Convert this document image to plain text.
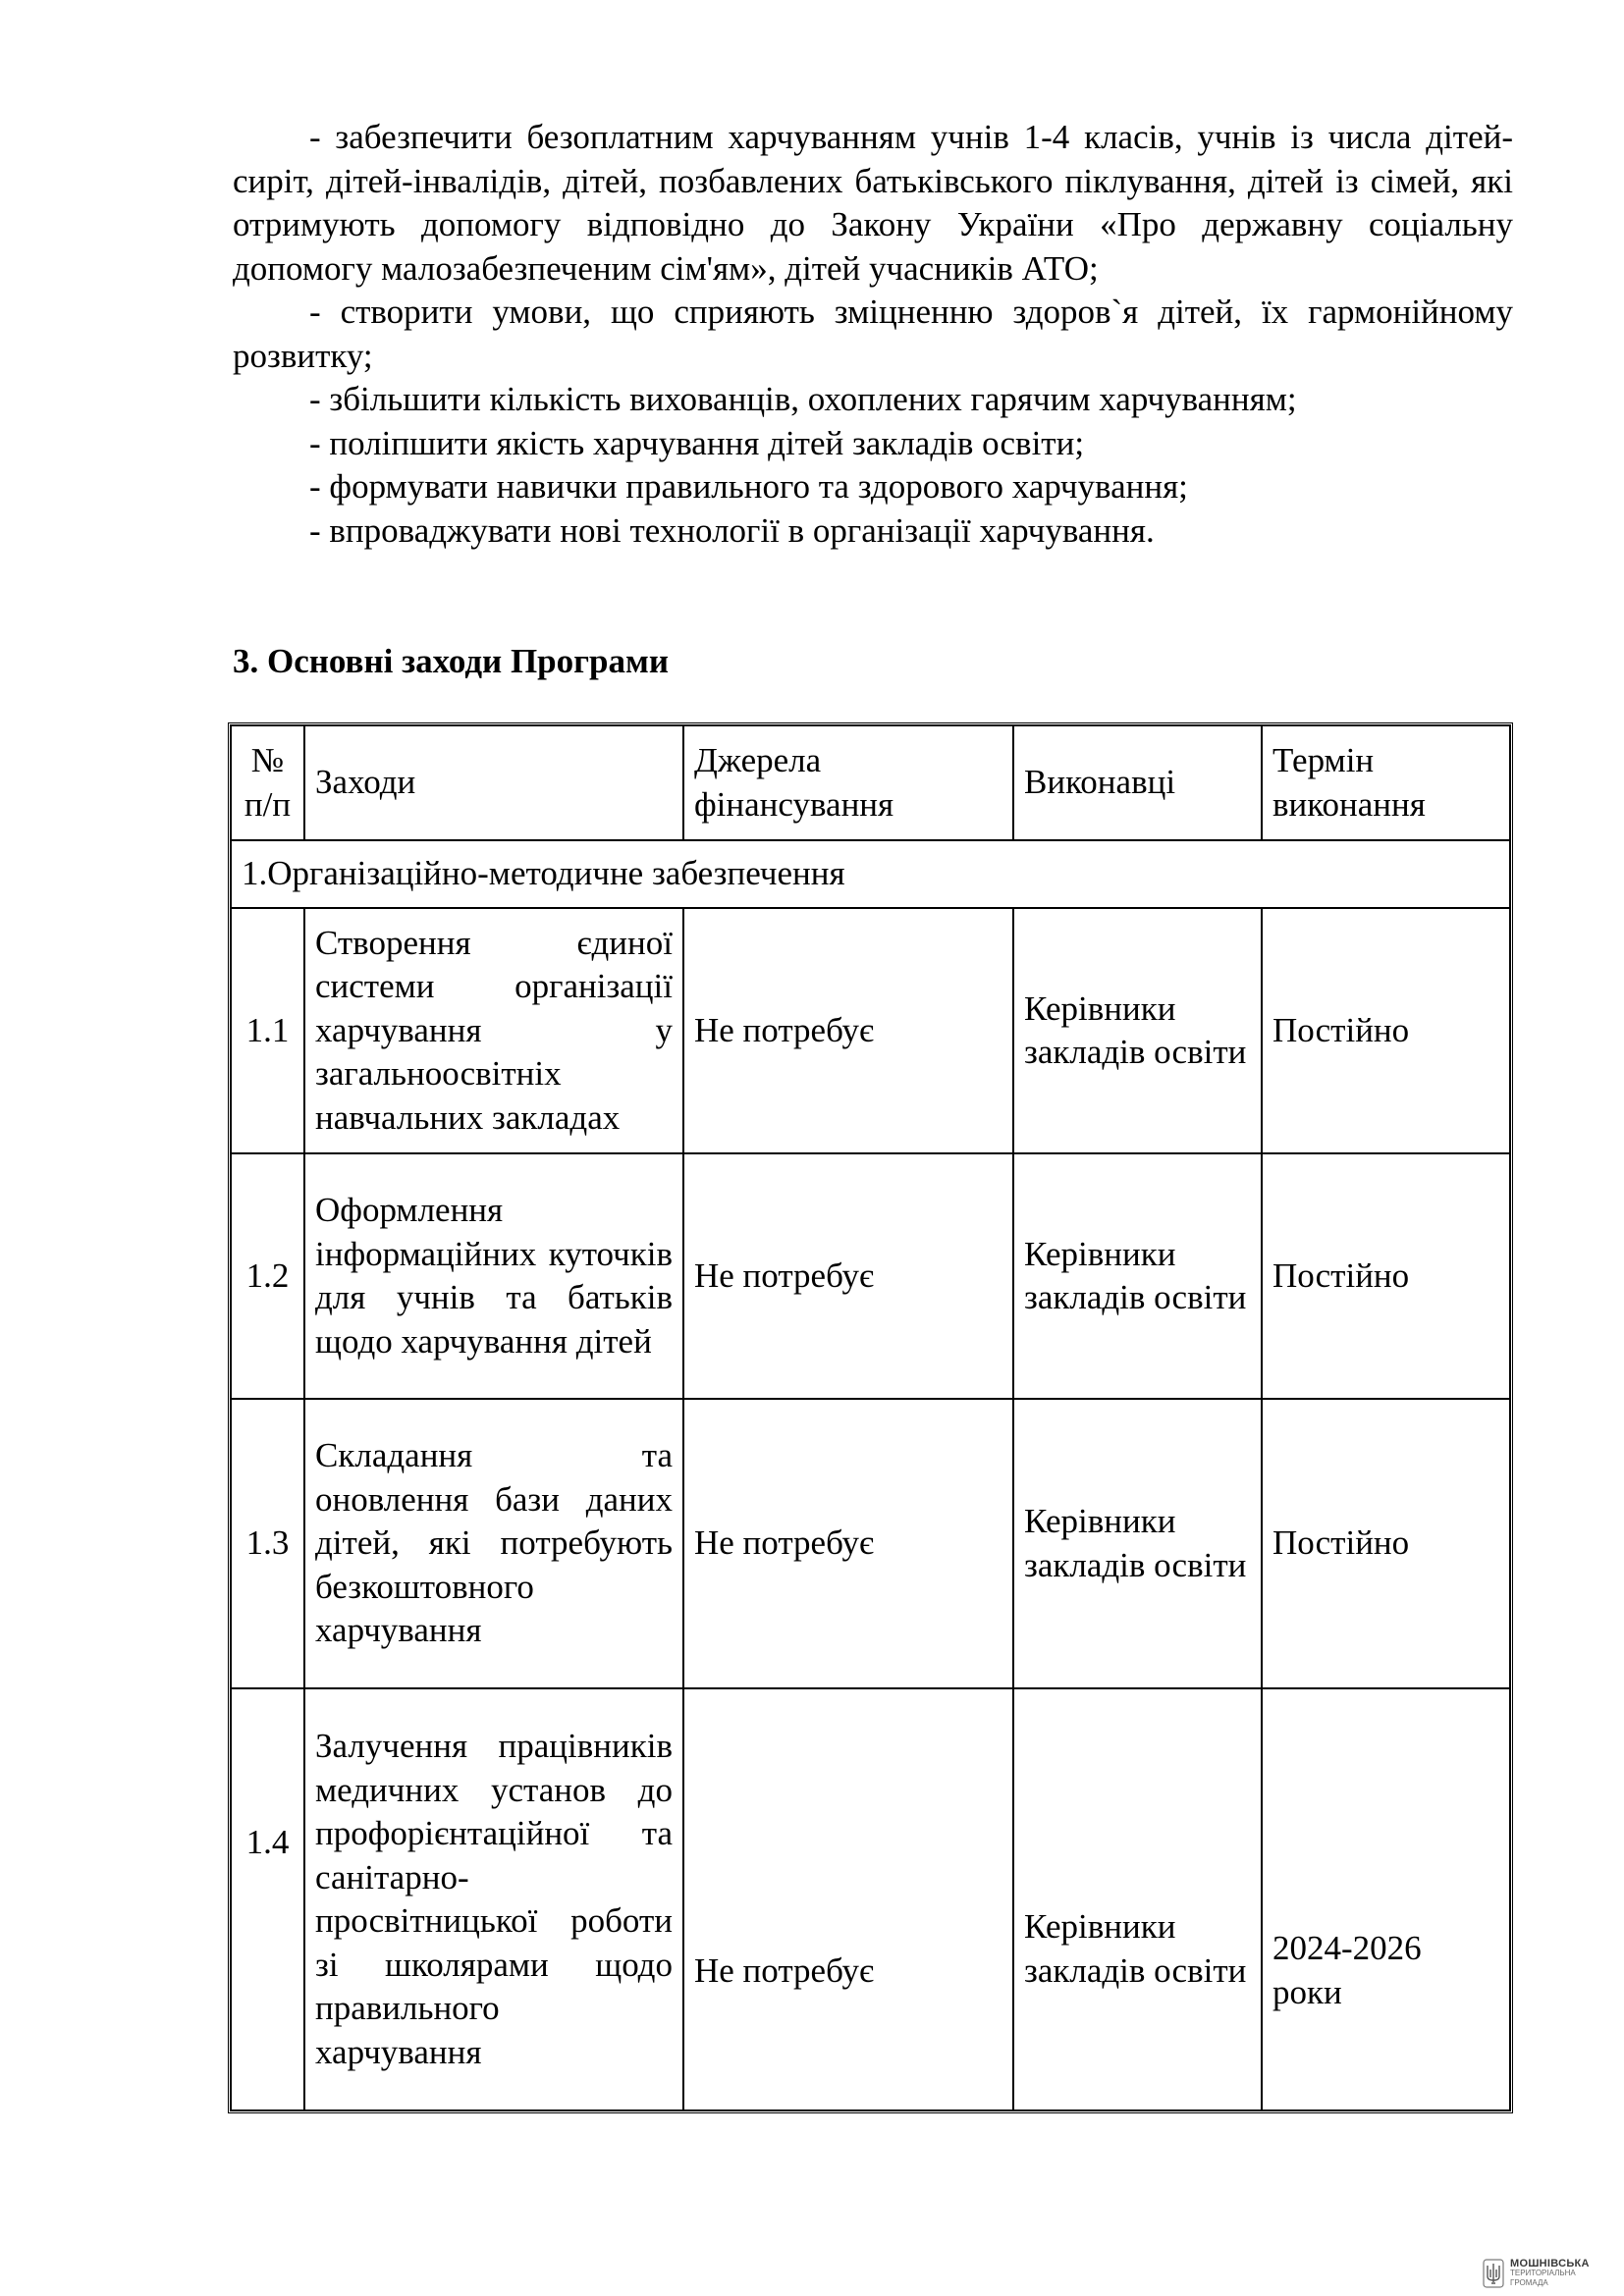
- забезпечити безоплатним харчуванням учнів 1-4 класів, учнів із числа дітей-сиріт, дітей-інвалідів, дітей, позбавлених батьківського піклування, дітей із сімей, які отримують допомогу відповідно до Закону України «Про державну соціальну допомогу малозабезпеченим сім'ям», дітей учасників АТО;

- створити умови, що сприяють зміцненню здоров`я дітей, їх гармонійному розвитку;

- збільшити кількість вихованців, охоплених гарячим харчуванням;

- поліпшити якість харчування дітей закладів освіти;

- формувати навички правильного та здорового харчування;

- впроваджувати нові технології в організації харчування.

3. Основні заходи Програми
№ п/п	Заходи	Джерела фінансування	Виконавці	Термін виконання
1.Організаційно-методичне забезпечення				
1.1	Створення єдиної системи організації харчування у загальноосвітніх навчальних закладах	Не потребує	Керівники закладів освіти	Постійно
1.2	Оформлення інформаційних куточків для учнів та батьків щодо харчування дітей	Не потребує	Керівники закладів освіти	Постійно
1.3	Складання та оновлення бази даних дітей, які потребують безкоштовного харчування	Не потребує	Керівники закладів освіти	Постійно
1.4	Залучення працівників медичних установ до профорієнтаційної та санітарно-просвітницької роботи зі школярами щодо правильного харчування	Не потребує	Керівники закладів освіти	2024-2026 роки
МОШНІВСЬКА
ТЕРИТОРІАЛЬНА
ГРОМАДА
